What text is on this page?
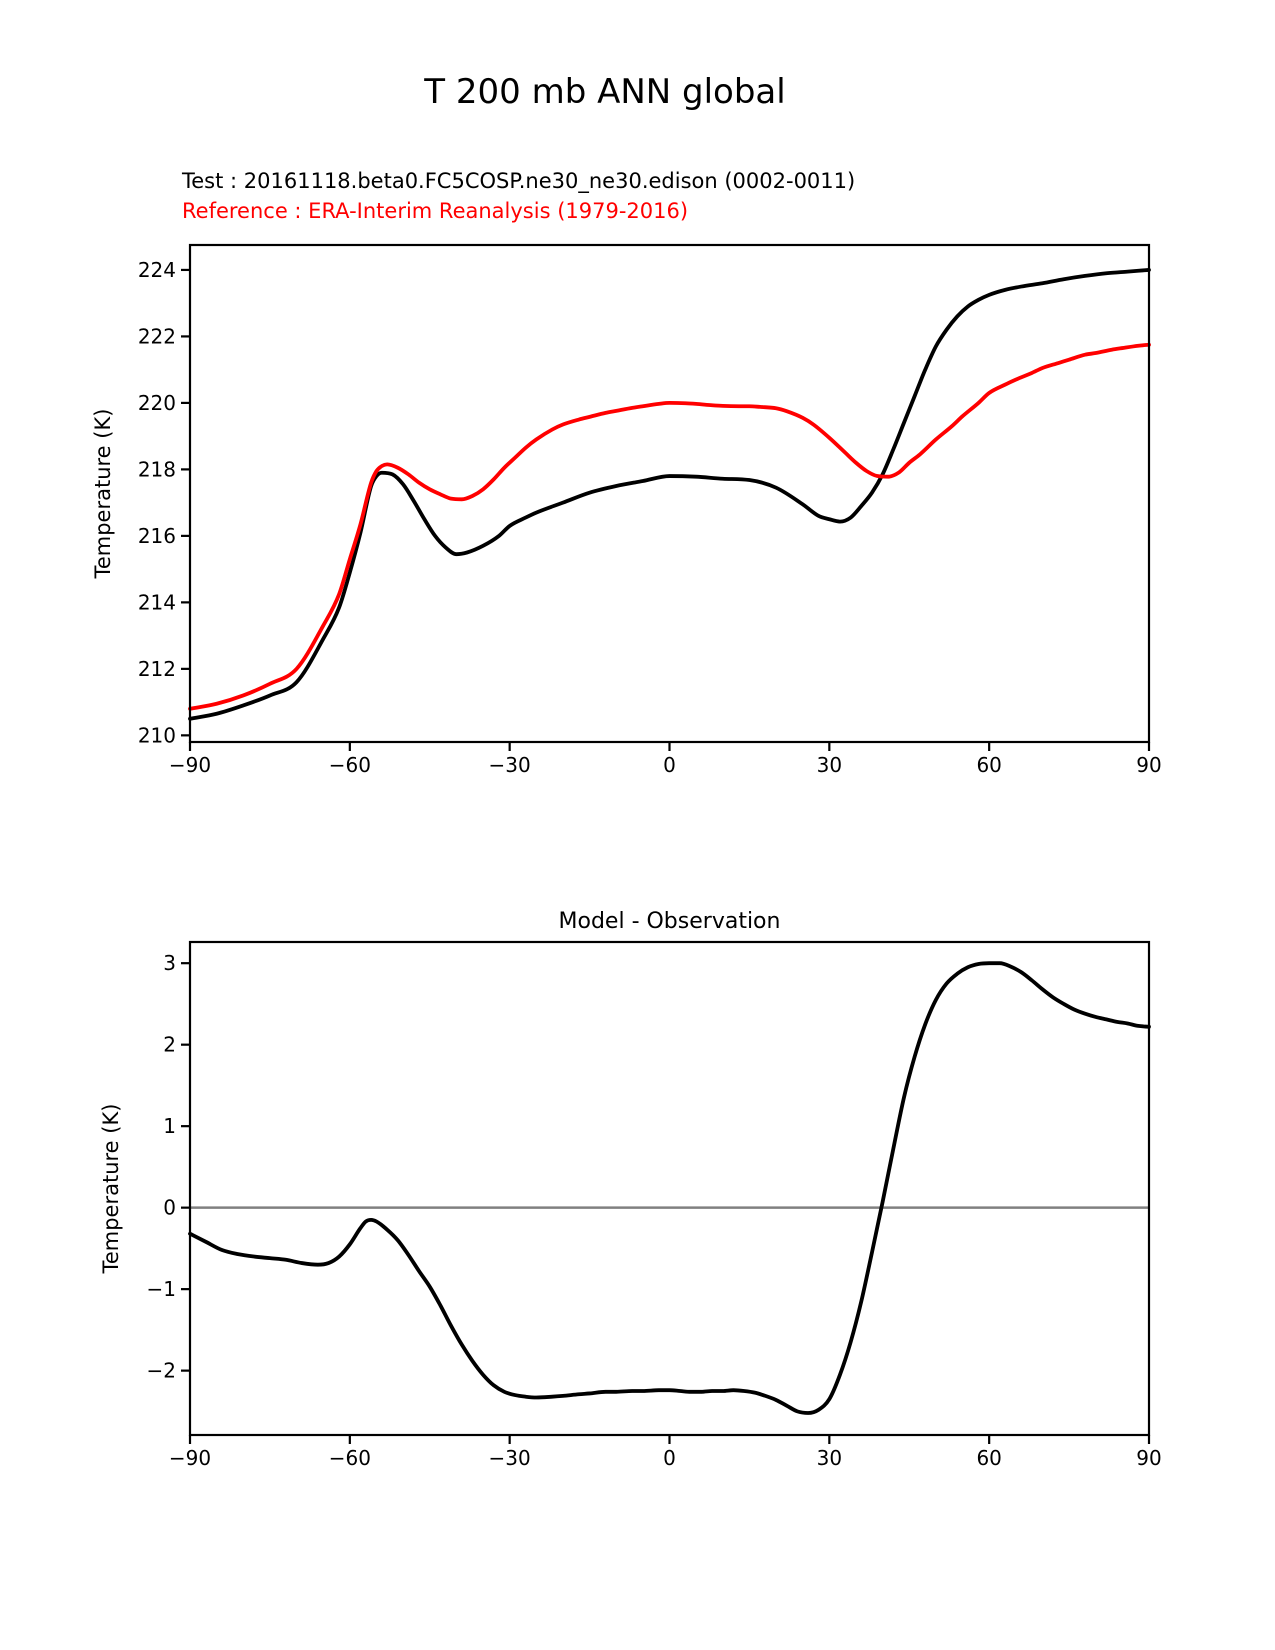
T 200 mb ANN global
Test : 20161118.beta0.FC5COSP.ne30_ne30.edison (0002-0011)
Reference : ERA-Interim Reanalysis (1979-2016)
−90	−60	−30	0	30	60	90
210
212
214
216
218
220
222
224
Temperature (K)
−90	−60	−30	0	30	60	90
−2
−1
0
1
2
3
Temperature (K)
Model - Observation
